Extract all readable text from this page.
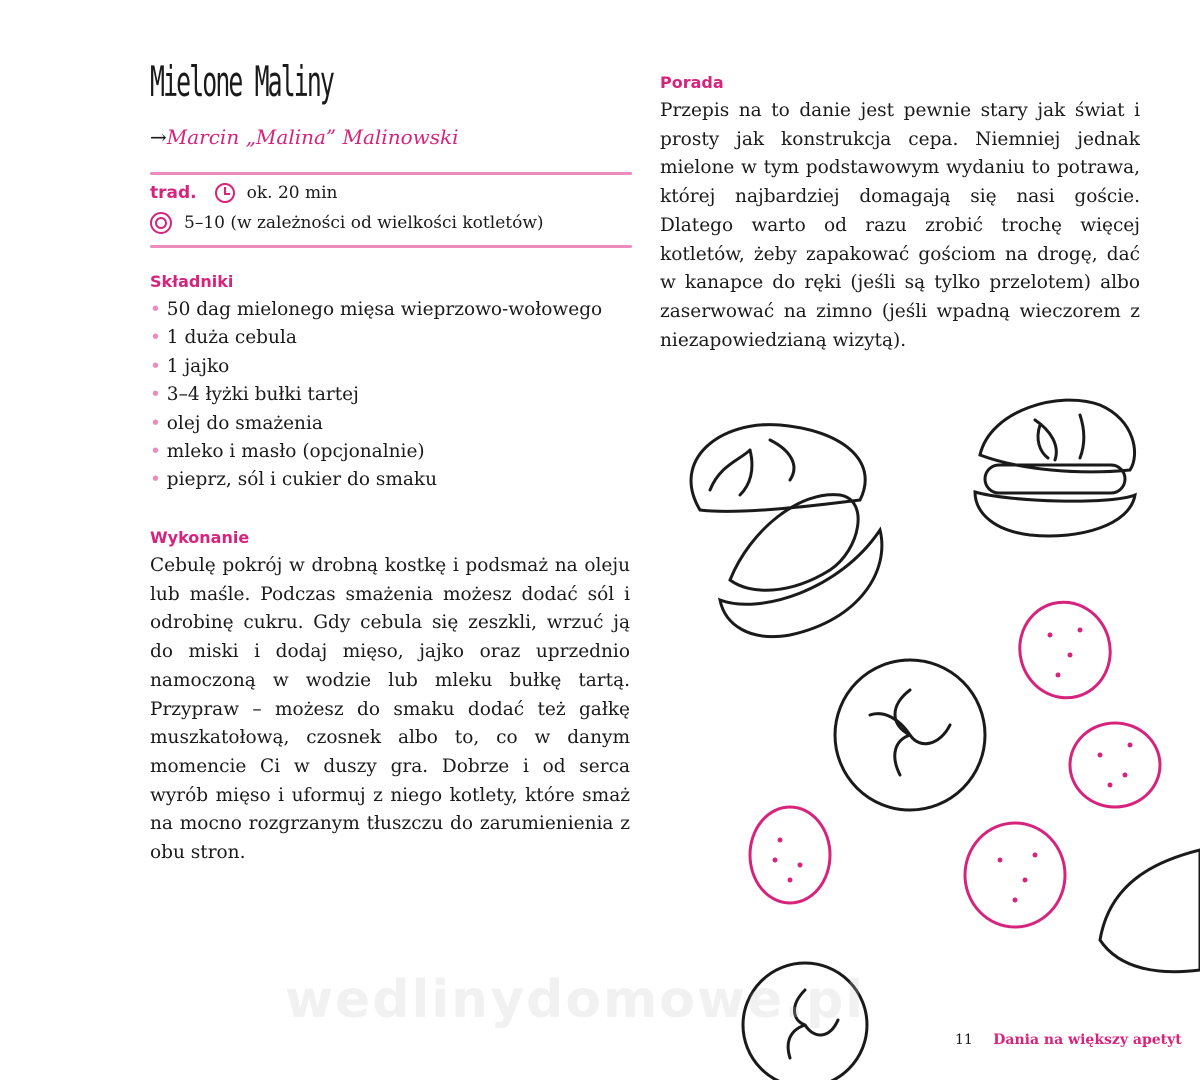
Mielone Maliny
→Marcin „Malina” Malinowski
trad.	ok. 20 min
5–10 (w zależności od wielkości kotletów)
Składniki
• 50 dag mielonego mięsa wieprzowo-wołowego
• 1 duża cebula
• 1 jajko
• 3–4 łyżki bułki tartej
• olej do smażenia
• mleko i masło (opcjonalnie)
• pieprz, sól i cukier do smaku
Wykonanie

Cebulę pokrój w drobną kostkę i podsmaż na oleju lub maśle. Podczas smażenia możesz dodać sól i odrobinę cukru. Gdy cebula się zeszkli, wrzuć ją do miski i dodaj mięso, jajko oraz uprzednio namoczoną w wodzie lub mleku bułkę tartą. Przypraw – możesz do smaku dodać też gałkę muszkatołową, czosnek albo to, co w danym momencie Ci w duszy gra. Dobrze i od serca wyrób mięso i uformuj z niego kotlety, które smaż na mocno rozgrzanym tłuszczu do zarumienienia z obu stron.

Porada

Przepis na to danie jest pewnie stary jak świat i prosty jak konstrukcja cepa. Niemniej jednak mielone w tym podstawowym wydaniu to potrawa, której najbardziej domagają się nasi goście. Dlatego warto od razu zrobić trochę więcej kotletów, żeby zapakować gościom na drogę, dać w kanapce do ręki (jeśli są tylko przelotem) albo zaserwować na zimno (jeśli wpadną wieczorem z niezapowiedzianą wizytą).

wedlinydomowe.pl
11 Dania na większy apetyt
